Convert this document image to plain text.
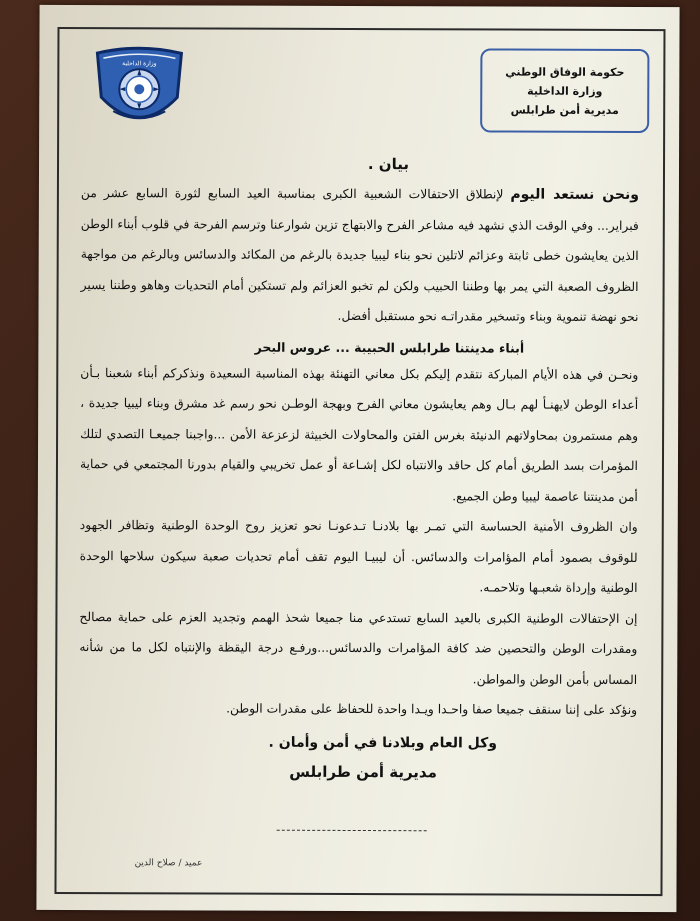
وزارة الداخلية
حكومة الوفاق الوطني
وزارة الداخلية
مديرية أمن طرابلس
بيان .

ونحن نستعد اليوم لإنطلاق الاحتفالات الشعبية الكبرى بمناسبة العيد السابع لثورة السابع عشر من فبراير... وفي الوقت الذي نشهد فيه مشاعر الفرح والابتهاج تزين شوارعنا وترسم الفرحة في قلوب أبناء الوطن الذين يعايشون خطى ثابتة وعزائم لاتلين نحو بناء ليبيا جديدة بالرغم من المكائد والدسائس وبالرغم من مواجهة الظروف الصعبة التي يمر بها وطننا الحبيب ولكن لم تخبو العزائم ولم تستكين أمام التحديات وهاهو وطننا يسير نحو نهضة تنموية وبناء وتسخير مقدراتـه نحو مستقبل أفضل.

أبناء مدينتنا طرابلس الحبيبة ... عروس البحر

ونحـن في هذه الأيام المباركة نتقدم إليكم بكل معاني التهنئة بهذه المناسبة السعيدة ونذكركم أبناء شعبنا بـأن أعداء الوطن لايهنـأ لهم بـال وهم يعايشون معاني الفرح وبهجة الوطـن نحو رسم غد مشرق وبناء ليبيا جديدة ، وهم مستمرون بمحاولاتهم الدنيئة بغرس الفتن والمحاولات الخبيثة لزعزعة الأمن ...واجبنا جميعـا التصدي لتلك المؤمرات بسد الطريق أمام كل حاقد والانتباه لكل إشـاعة أو عمل تخريبي والقيام بدورنا المجتمعي في حماية أمن مدينتنا عاصمة ليبيا وطن الجميع.

وان الظروف الأمنية الحساسة التي تمـر بها بلادنـا تـدعونـا نحو تعزيز روح الوحدة الوطنية وتظافر الجهود للوقوف بصمود أمام المؤامرات والدسائس. أن ليبيـا اليوم تقف أمام تحديات صعبة سيكون سلاحها الوحدة الوطنية وإرداة شعبـها وتلاحمـه.

إن الإحتفالات الوطنية الكبرى بالعيد السابع تستدعي منا جميعا شحذ الهمم وتجديد العزم على حماية مصالح ومقدرات الوطن والتحصين ضد كافة المؤامرات والدسائس...ورفـع درجة اليقظة والإنتباه لكل ما من شأنه المساس بأمن الوطن والمواطن.

ونؤكد على إننا سنقف جميعا صفا واحـدا ويـدا واحدة للحفاظ على مقدرات الوطن.

وكل العام وبلادنا في أمن وأمان .
مديرية أمن طرابلس
عميد / صلاح الدين
